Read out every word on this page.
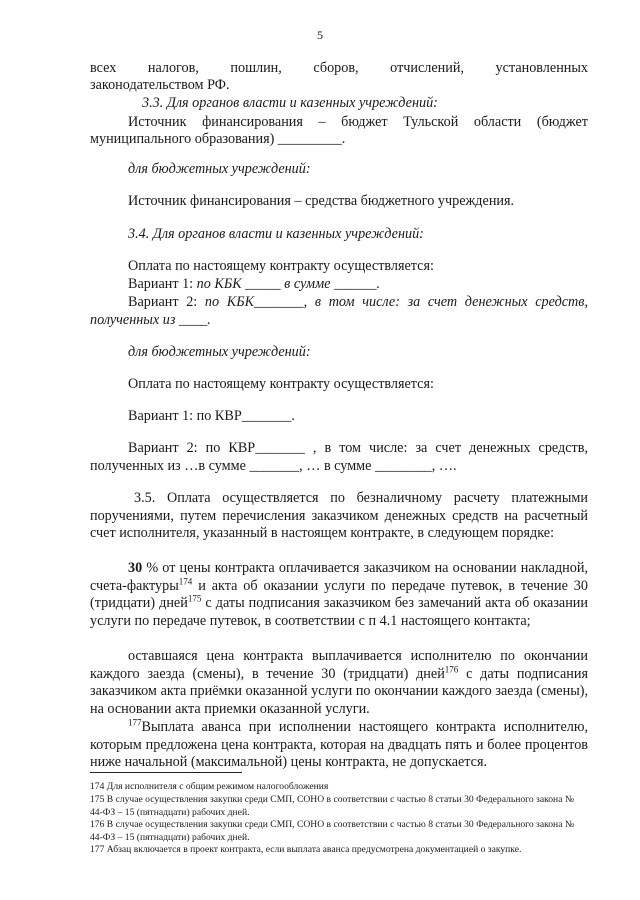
5

всех налогов, пошлин, сборов, отчислений, установленных

законодательством РФ.

3.3. Для органов власти и казенных учреждений:

Источник финансирования – бюджет Тульской области (бюджет

муниципального образования) _________.

для бюджетных учреждений:

Источник финансирования – средства бюджетного учреждения.

3.4. Для органов власти и казенных учреждений:

Оплата по настоящему контракту осуществляется:

Вариант 1: по КБК _____ в сумме ______.

Вариант 2: по КБК_______, в том числе: за счет денежных средств,

полученных из ____.

для бюджетных учреждений:

Оплата по настоящему контракту осуществляется:

Вариант 1: по КВР_______.

Вариант 2: по КВР_______ , в том числе: за счет денежных средств,

полученных из …в сумме _______, … в сумме ________, ….

3.5. Оплата осуществляется по безналичному расчету платежными поручениями, путем перечисления заказчиком денежных средств на расчетный счет исполнителя, указанный в настоящем контракте, в следующем порядке:

30 % от цены контракта оплачивается заказчиком на основании накладной, счета-фактуры$^{174}$ и акта об оказании услуги по передаче путевок, в течение 30 (тридцати) дней$^{175}$ с даты подписания заказчиком без замечаний акта об оказании услуги по передаче путевок, в соответствии с п 4.1 настоящего контакта;

оставшаяся цена контракта выплачивается исполнителю по окончании каждого заезда (смены), в течение 30 (тридцати) дней$^{176}$ с даты подписания заказчиком акта приёмки оказанной услуги по окончании каждого заезда (смены), на основании акта приемки оказанной услуги.

$^{177}$Выплата аванса при исполнении настоящего контракта исполнителю, которым предложена цена контракта, которая на двадцать пять и более процентов ниже начальной (максимальной) цены контракта, не допускается.

174 Для исполнителя с общим режимом налогообложения

175 В случае осуществления закупки среди СМП, СОНО в соответствии с частью 8 статьи 30 Федерального закона № 44-ФЗ – 15 (пятнадцати) рабочих дней.

176 В случае осуществления закупки среди СМП, СОНО в соответствии с частью 8 статьи 30 Федерального закона № 44-ФЗ – 15 (пятнадцати) рабочих дней.

177 Абзац включается в проект контракта, если выплата аванса предусмотрена документацией о закупке.
